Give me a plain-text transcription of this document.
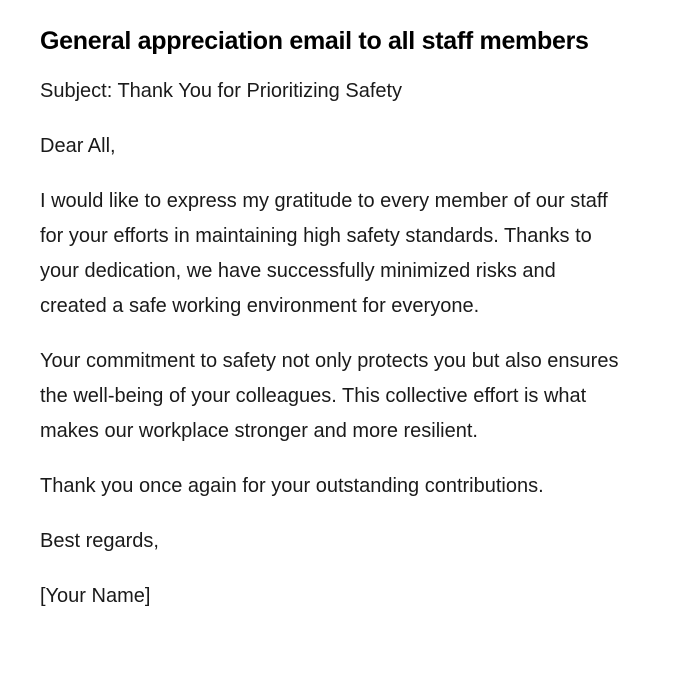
General appreciation email to all staff members

Subject: Thank You for Prioritizing Safety

Dear All,

I would like to express my gratitude to every member of our staff for your efforts in maintaining high safety standards. Thanks to your dedication, we have successfully minimized risks and created a safe working environment for everyone.

Your commitment to safety not only protects you but also ensures the well-being of your colleagues. This collective effort is what makes our workplace stronger and more resilient.

Thank you once again for your outstanding contributions.

Best regards,

[Your Name]
